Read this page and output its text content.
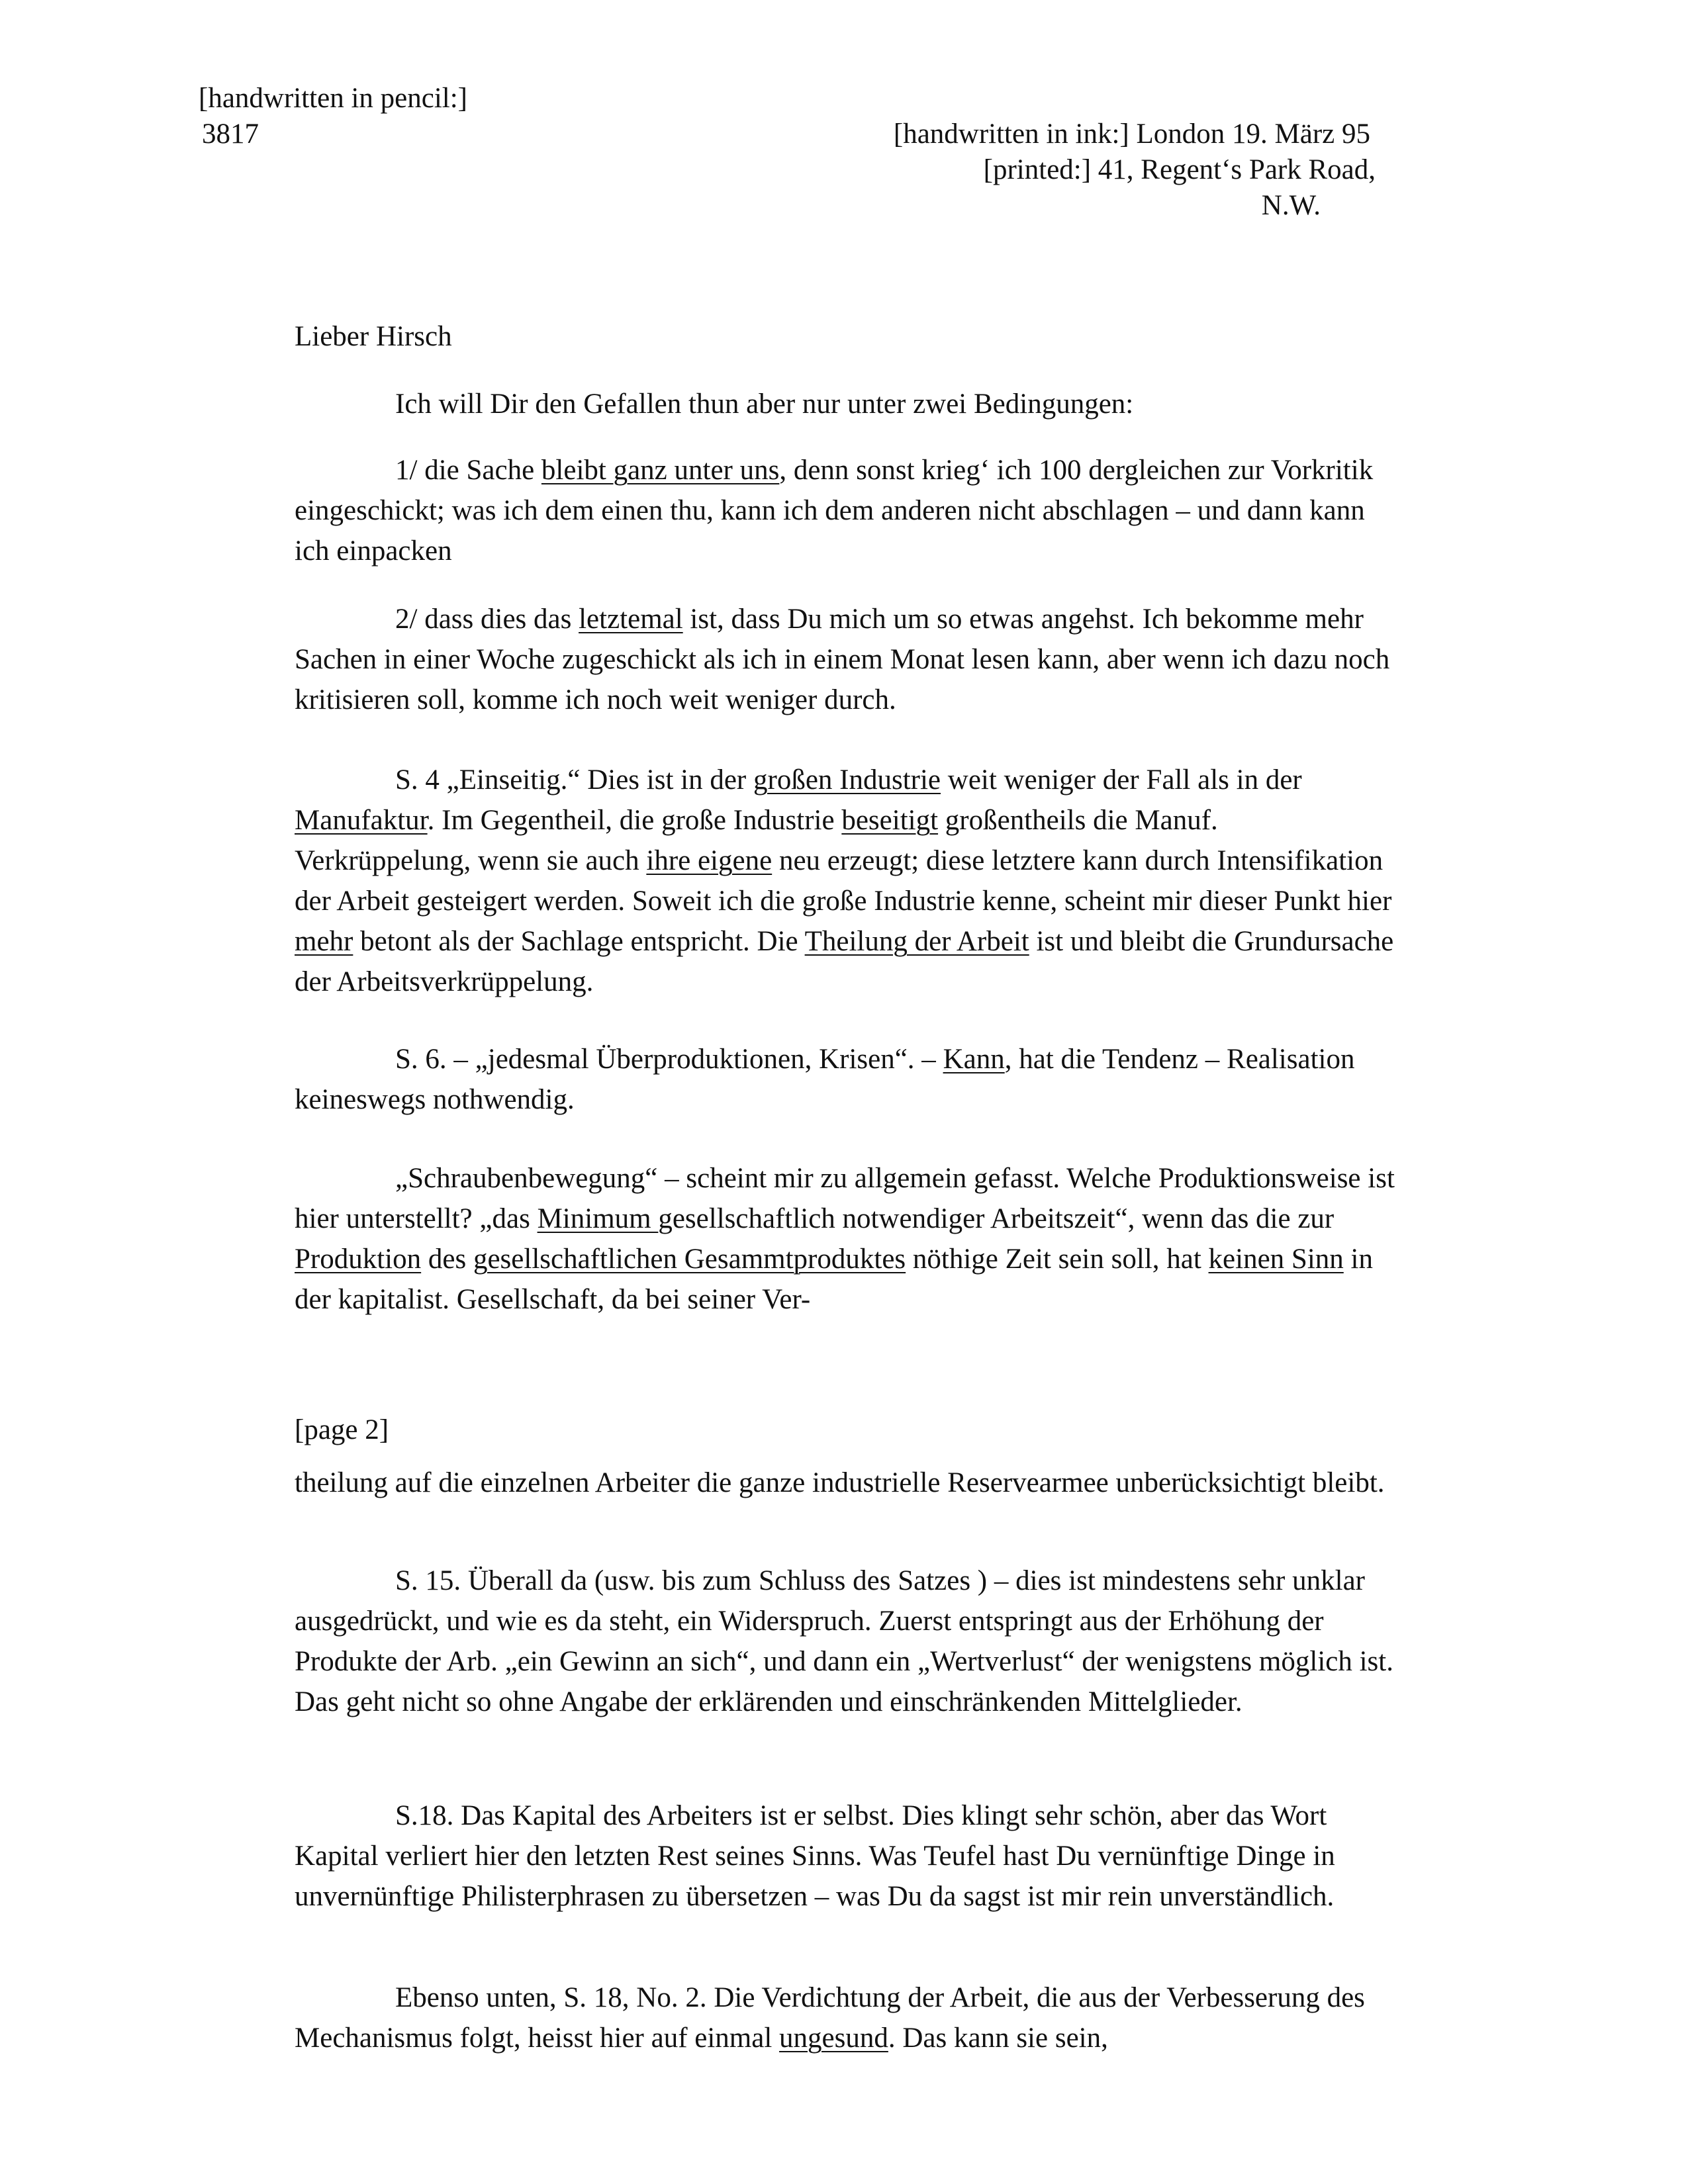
[handwritten in pencil:]

3817	[handwritten in ink:] London 19. März 95

[printed:] 41, Regent‘s Park Road,

N.W.

Lieber Hirsch

Ich will Dir den Gefallen thun aber nur unter zwei Bedingungen:

1/ die Sache bleibt ganz unter uns, denn sonst krieg‘ ich 100 dergleichen zur Vorkritik eingeschickt; was ich dem einen thu, kann ich dem anderen nicht abschlagen – und dann kann ich einpacken

2/ dass dies das letztemal ist, dass Du mich um so etwas angehst. Ich bekomme mehr Sachen in einer Woche zugeschickt als ich in einem Monat lesen kann, aber wenn ich dazu noch kritisieren soll, komme ich noch weit weniger durch.

S. 4 „Einseitig.“ Dies ist in der großen Industrie weit weniger der Fall als in der Manufaktur. Im Gegentheil, die große Industrie beseitigt großentheils die Manuf. Verkrüppelung, wenn sie auch ihre eigene neu erzeugt; diese letztere kann durch Intensifikation der Arbeit gesteigert werden. Soweit ich die große Industrie kenne, scheint mir dieser Punkt hier mehr betont als der Sachlage entspricht. Die Theilung der Arbeit ist und bleibt die Grundursache der Arbeitsverkrüppelung.

S. 6. – „jedesmal Überproduktionen, Krisen“. – Kann, hat die Tendenz – Realisation keineswegs nothwendig.

„Schraubenbewegung“ – scheint mir zu allgemein gefasst. Welche Produktionsweise ist hier unterstellt? „das Minimum gesellschaftlich notwendiger Arbeitszeit“, wenn das die zur Produktion des gesellschaftlichen Gesammtproduktes nöthige Zeit sein soll, hat keinen Sinn in der kapitalist. Gesellschaft, da bei seiner Ver-

[page 2]

theilung auf die einzelnen Arbeiter die ganze industrielle Reservearmee unberücksichtigt bleibt.

S. 15. Überall da (usw. bis zum Schluss des Satzes ) – dies ist mindestens sehr unklar ausgedrückt, und wie es da steht, ein Widerspruch. Zuerst entspringt aus der Erhöhung der Produkte der Arb. „ein Gewinn an sich“, und dann ein „Wertverlust“ der wenigstens möglich ist. Das geht nicht so ohne Angabe der erklärenden und einschränkenden Mittelglieder.

S.18. Das Kapital des Arbeiters ist er selbst. Dies klingt sehr schön, aber das Wort Kapital verliert hier den letzten Rest seines Sinns. Was Teufel hast Du vernünftige Dinge in unvernünftige Philisterphrasen zu übersetzen – was Du da sagst ist mir rein unverständlich.

Ebenso unten, S. 18, No. 2. Die Verdichtung der Arbeit, die aus der Verbesserung des Mechanismus folgt, heisst hier auf einmal ungesund. Das kann sie sein,
